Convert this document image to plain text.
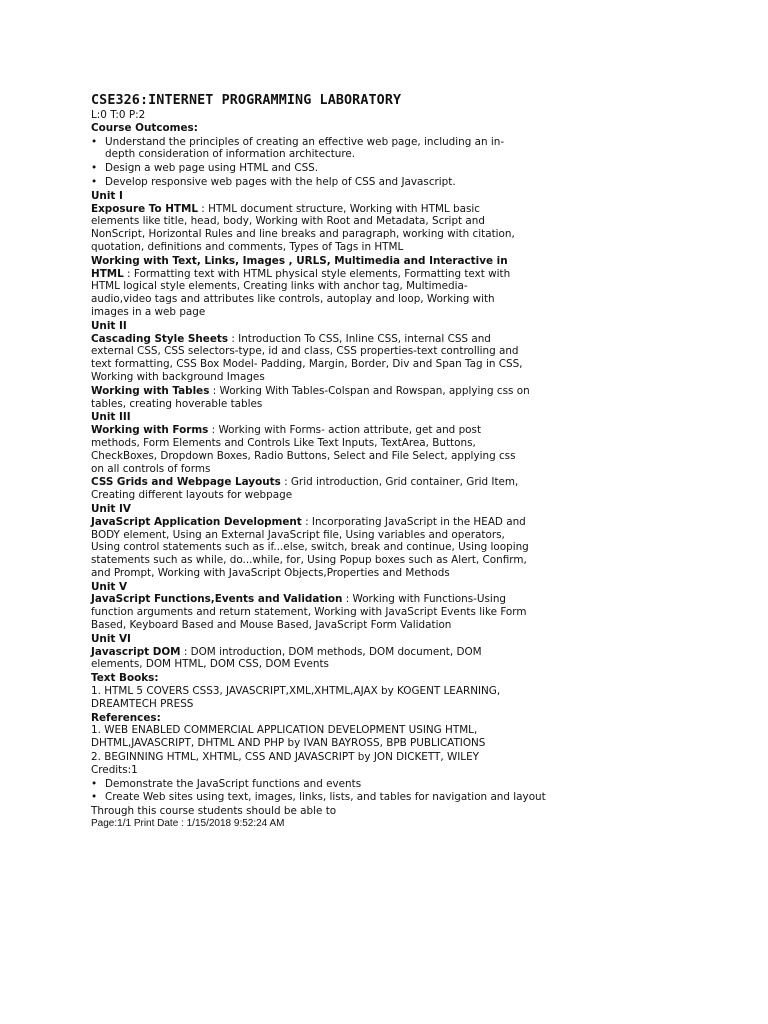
CSE326:INTERNET PROGRAMMING LABORATORY

L:0 T:0 P:2

Course Outcomes:

• Understand the principles of creating an effective web page, including an in-depth consideration of information architecture.
• Design a web page using HTML and CSS.
• Develop responsive web pages with the help of CSS and Javascript.

Unit I

Exposure To HTML : HTML document structure, Working with HTML basic elements like title, head, body, Working with Root and Metadata, Script and NonScript, Horizontal Rules and line breaks and paragraph, working with citation, quotation, definitions and comments, Types of Tags in HTML

Working with Text, Links, Images , URLS, Multimedia and Interactive in HTML : Formatting text with HTML physical style elements, Formatting text with HTML logical style elements, Creating links with anchor tag, Multimedia- audio,video tags and attributes like controls, autoplay and loop, Working with images in a web page

Unit II

Cascading Style Sheets : Introduction To CSS, Inline CSS, internal CSS and external CSS, CSS selectors-type, id and class, CSS properties-text controlling and text formatting, CSS Box Model- Padding, Margin, Border, Div and Span Tag in CSS, Working with background Images

Working with Tables : Working With Tables-Colspan and Rowspan, applying css on tables, creating hoverable tables

Unit III

Working with Forms : Working with Forms- action attribute, get and post methods, Form Elements and Controls Like Text Inputs, TextArea, Buttons, CheckBoxes, Dropdown Boxes, Radio Buttons, Select and File Select, applying css on all controls of forms

CSS Grids and Webpage Layouts : Grid introduction, Grid container, Grid Item, Creating different layouts for webpage

Unit IV

JavaScript Application Development : Incorporating JavaScript in the HEAD and BODY element, Using an External JavaScript file, Using variables and operators, Using control statements such as if...else, switch, break and continue, Using looping statements such as while, do...while, for, Using Popup boxes such as Alert, Confirm, and Prompt, Working with JavaScript Objects,Properties and Methods

Unit V

JavaScript Functions,Events and Validation : Working with Functions-Using function arguments and return statement, Working with JavaScript Events like Form Based, Keyboard Based and Mouse Based, JavaScript Form Validation

Unit VI

Javascript DOM : DOM introduction, DOM methods, DOM document, DOM elements, DOM HTML, DOM CSS, DOM Events

Text Books:

1. HTML 5 COVERS CSS3, JAVASCRIPT,XML,XHTML,AJAX by KOGENT LEARNING, DREAMTECH PRESS

References:

1. WEB ENABLED COMMERCIAL APPLICATION DEVELOPMENT USING HTML, DHTML,JAVASCRIPT, DHTML AND PHP by IVAN BAYROSS, BPB PUBLICATIONS

2. BEGINNING HTML, XHTML, CSS AND JAVASCRIPT by JON DICKETT, WILEY

Credits:1

• Demonstrate the JavaScript functions and events
• Create Web sites using text, images, links, lists, and tables for navigation and layout

Through this course students should be able to

Page:1/1 Print Date : 1/15/2018 9:52:24 AM
